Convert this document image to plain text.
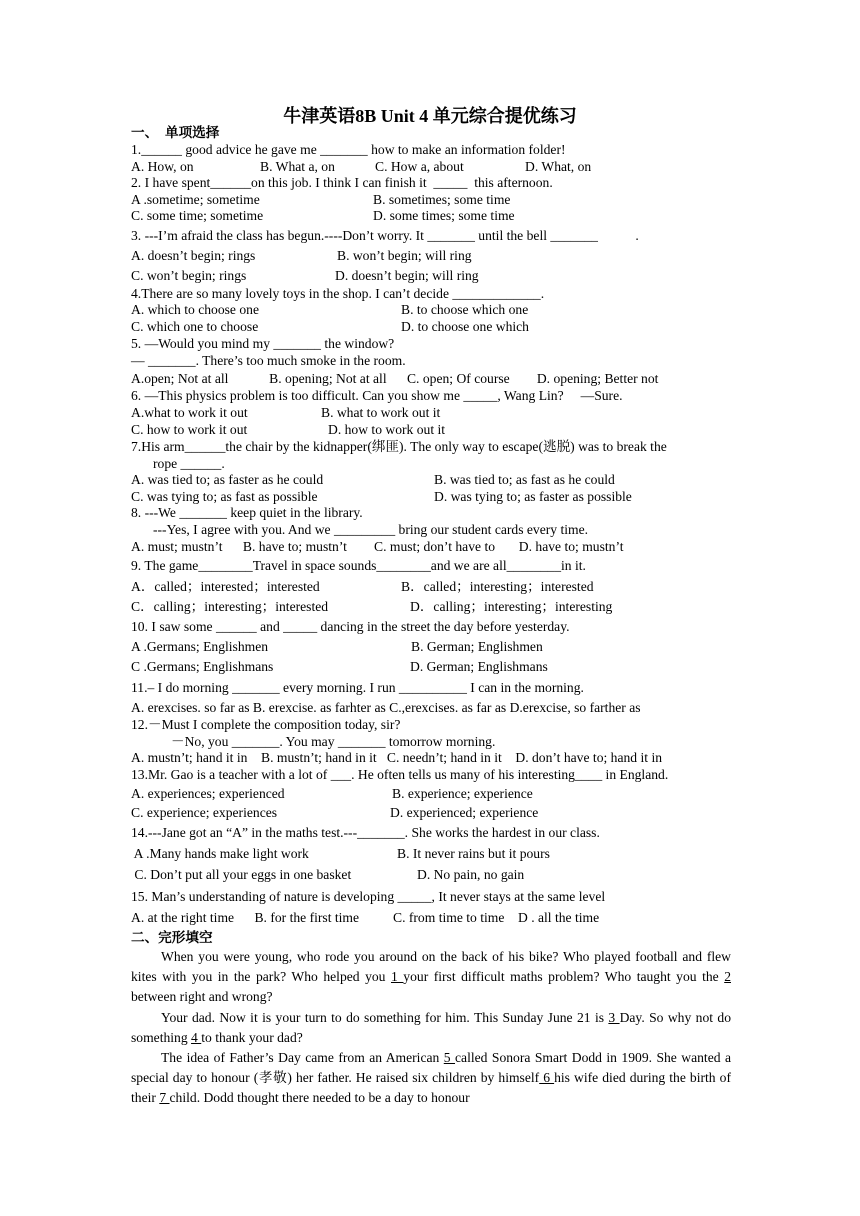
牛津英语8B Unit 4 单元综合提优练习
一、  单项选择
1.______ good advice he gave me _______ how to make an information folder!
A. How, on	B. What a, on	C. How a, about	D. What, on
2. I have spent______on this job. I think I can finish it  _____  this afternoon.
A .sometime; sometime	B. sometimes; some time
C. some time; sometime	D. some times; some time
3. ---I’m afraid the class has begun.----Don’t worry. It _______ until the bell _______           .
A. doesn’t begin; rings	B. won’t begin; will ring
C. won’t begin; rings	D. doesn’t begin; will ring
4.There are so many lovely toys in the shop. I can’t decide _____________.
A. which to choose one	B. to choose which one
C. which one to choose	D. to choose one which
5. —Would you mind my _______ the window?
— _______. There’s too much smoke in the room.
A.open; Not at all            B. opening; Not at all      C. open; Of course        D. opening; Better not
6. —This physics problem is too difficult. Can you show me _____, Wang Lin?     —Sure.
A.what to work it out	B. what to work out it
C. how to work it out	D. how to work out it
7.His arm______the chair by the kidnapper(绑匪). The only way to escape(逃脱) was to break the
rope ______.
A. was tied to; as faster as he could	B. was tied to; as fast as he could
C. was tying to; as fast as possible	D. was tying to; as faster as possible
8. ---We _______ keep quiet in the library.
---Yes, I agree with you. And we _________ bring our student cards every time.
A. must; mustn’t      B. have to; mustn’t        C. must; don’t have to       D. have to; mustn’t
9. The game________Travel in space sounds________and we are all________in it.
A．called；interested；interested	B．called；interesting；interested
C．calling；interesting；interested	D．calling；interesting；interesting
10. I saw some ______ and _____ dancing in the street the day before yesterday.
A .Germans; Englishmen	B. German; Englishmen
C .Germans; Englishmans	D. German; Englishmans
11.– I do morning _______ every morning. I run __________ I can in the morning.
A. erexcises. so far as B. erexcise. as farhter as C.,erexcises. as far as D.erexcise, so farther as
12.－Must I complete the composition today, sir?
－No, you _______. You may _______ tomorrow morning.
A. mustn’t; hand it in    B. mustn’t; hand in it   C. needn’t; hand in it    D. don’t have to; hand it in
13.Mr. Gao is a teacher with a lot of ___. He often tells us many of his interesting____ in England.
A. experiences; experienced	B. experience; experience
C. experience; experiences	D. experienced; experience
14.---Jane got an “A” in the maths test.---_______. She works the hardest in our class.
A .Many hands make light work	B. It never rains but it pours
C. Don’t put all your eggs in one basket	D. No pain, no gain
15. Man’s understanding of nature is developing _____, It never stays at the same level
A. at the right time      B. for the first time          C. from time to time    D . all the time
二、完形填空
When you were young, who rode you around on the back of his bike? Who played football and flew kites with you in the park? Who helped you 1 your first difficult maths problem? Who taught you the 2 between right and wrong?
Your dad. Now it is your turn to do something for him. This Sunday June 21 is 3 Day. So why not do something 4 to thank your dad?
The idea of Father’s Day came from an American 5 called Sonora Smart Dodd in 1909. She wanted a special day to honour (孝敬) her father. He raised six children by himself 6 his wife died during the birth of their 7 child. Dodd thought there needed to be a day to honour
